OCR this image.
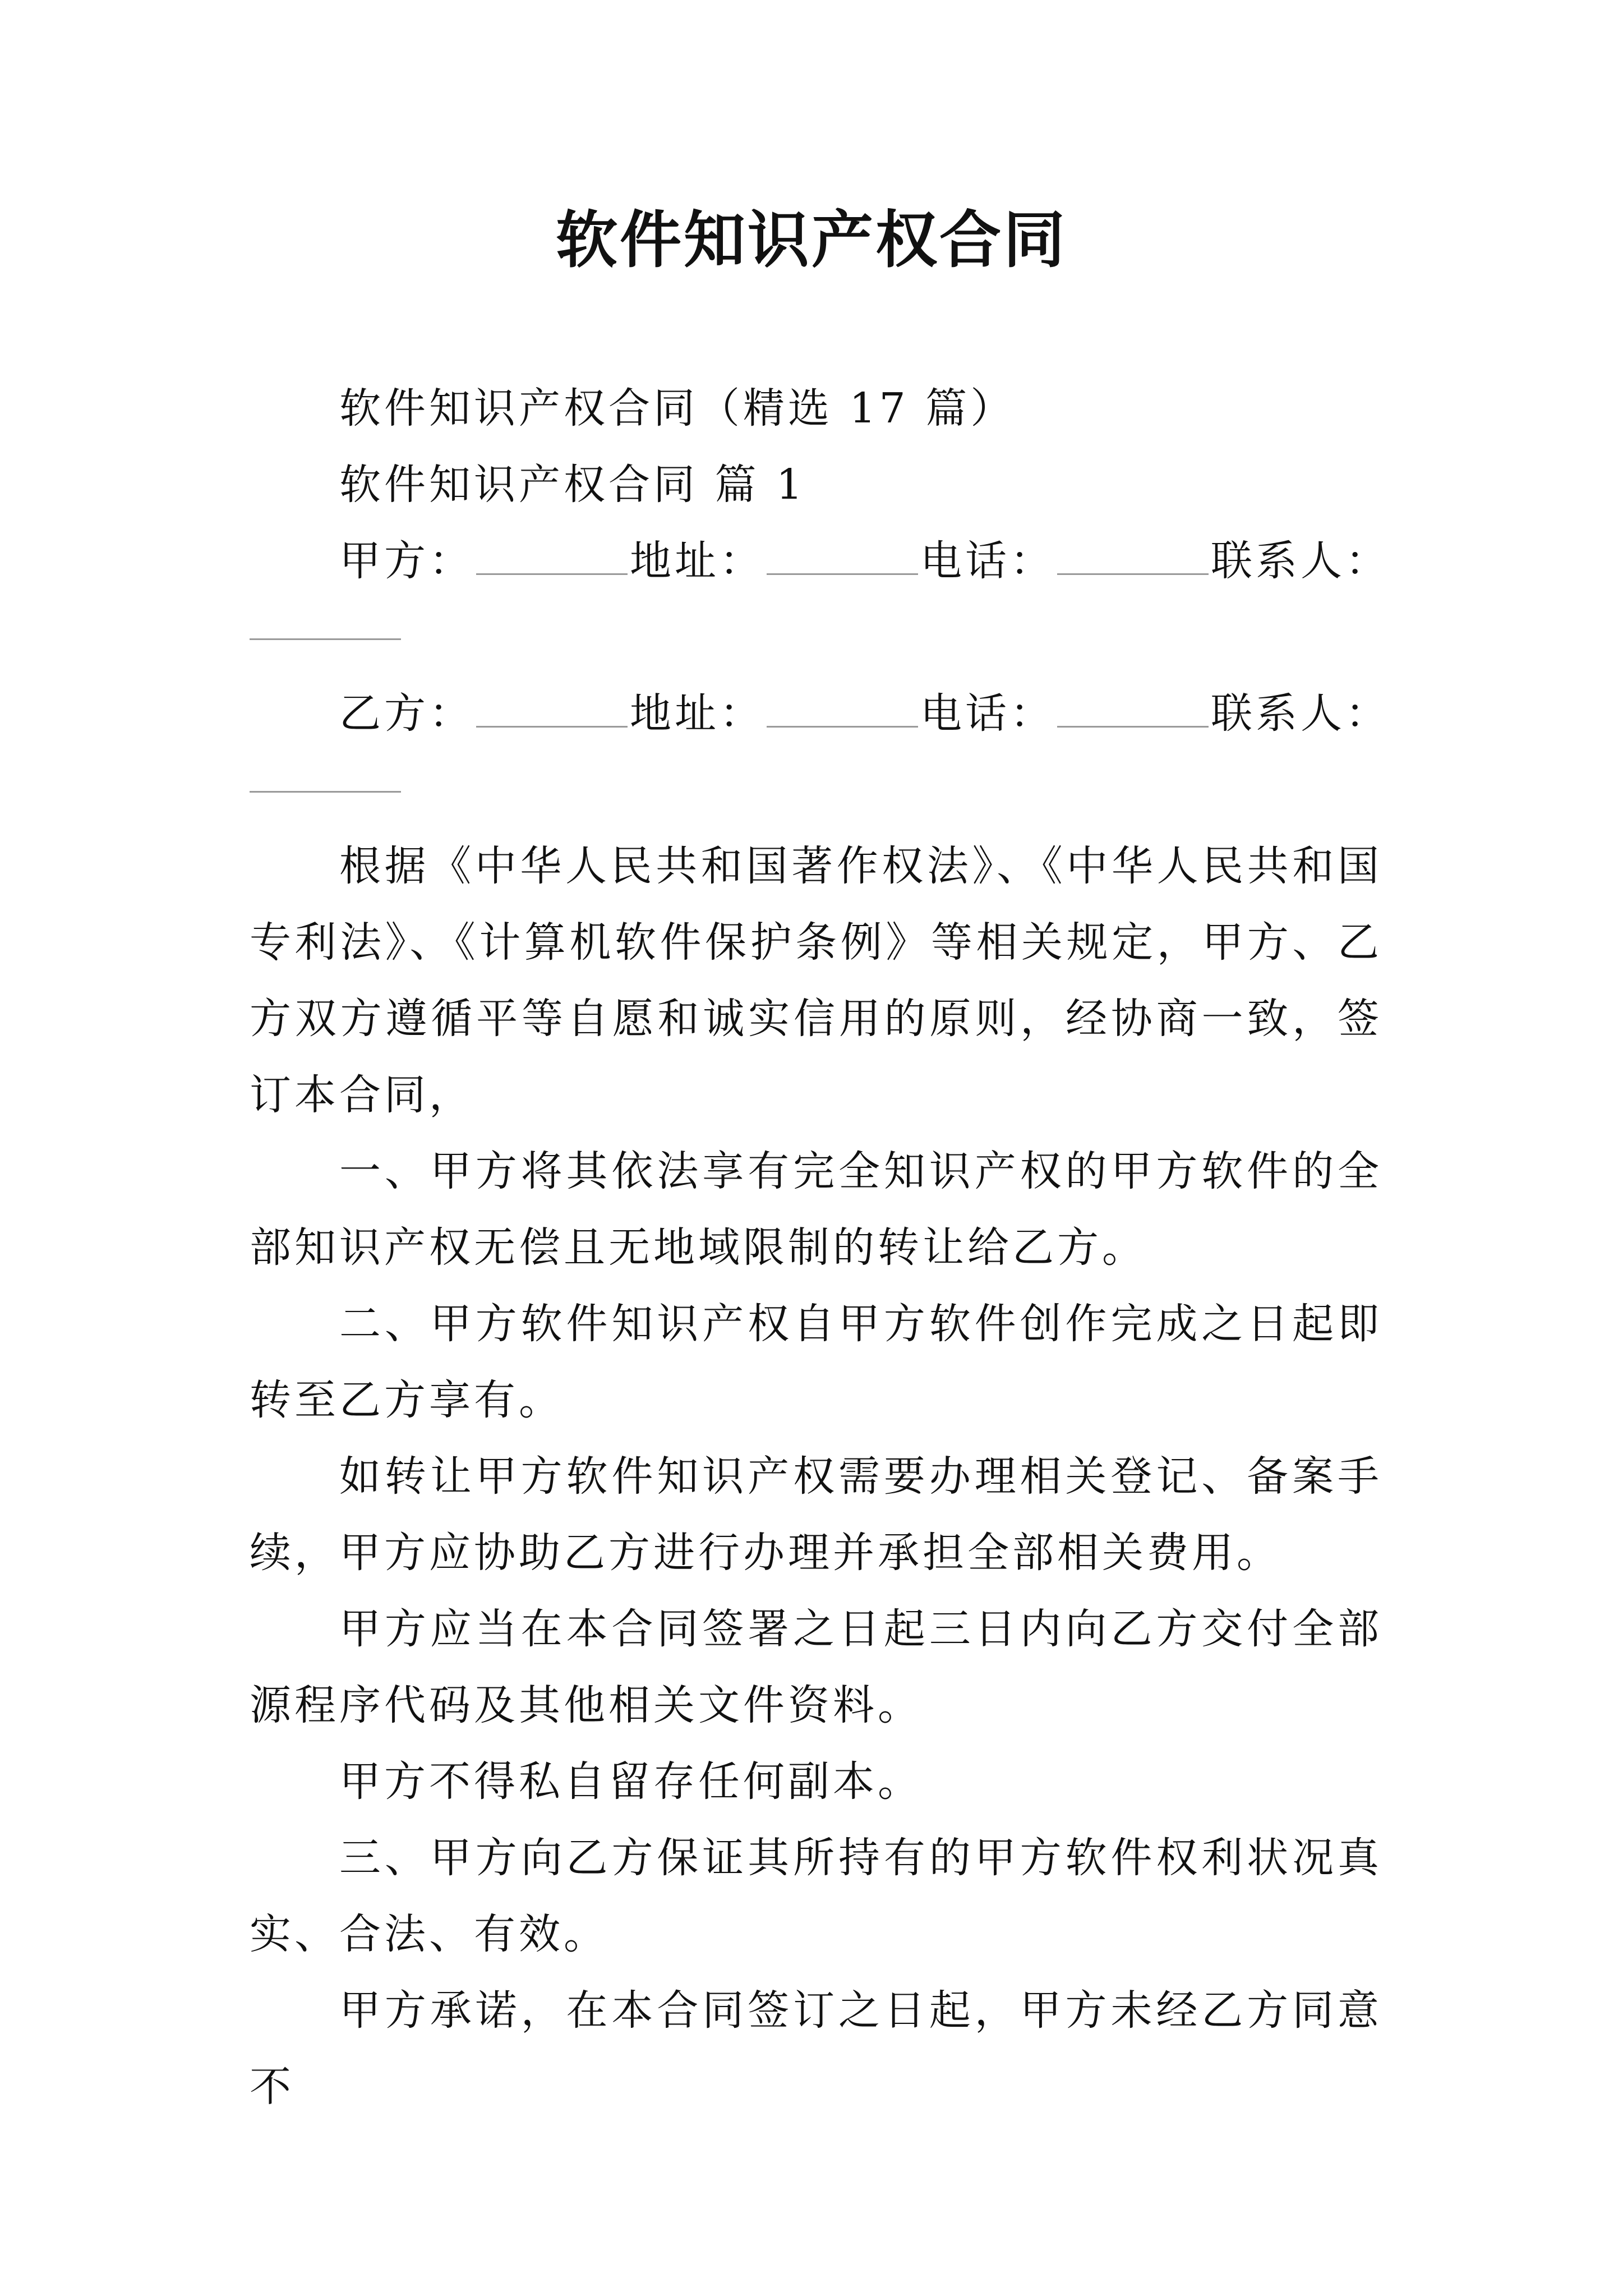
软件知识产权合同

软件知识产权合同（精选 17 篇）

软件知识产权合同 篇 1

甲方：	地址：	电话：	联系人：
乙方：	地址：	电话：	联系人：

根据《中华人民共和国著作权法》、《中华人民共和国专利法》、《计算机软件保护条例》等相关规定，甲方、乙方双方遵循平等自愿和诚实信用的原则，经协商一致，签订本合同，

一、甲方将其依法享有完全知识产权的甲方软件的全部知识产权无偿且无地域限制的转让给乙方。

二、甲方软件知识产权自甲方软件创作完成之日起即转至乙方享有。

如转让甲方软件知识产权需要办理相关登记、备案手续，甲方应协助乙方进行办理并承担全部相关费用。

甲方应当在本合同签署之日起三日内向乙方交付全部源程序代码及其他相关文件资料。

甲方不得私自留存任何副本。

三、甲方向乙方保证其所持有的甲方软件权利状况真实、合法、有效。

甲方承诺，在本合同签订之日起，甲方未经乙方同意不
